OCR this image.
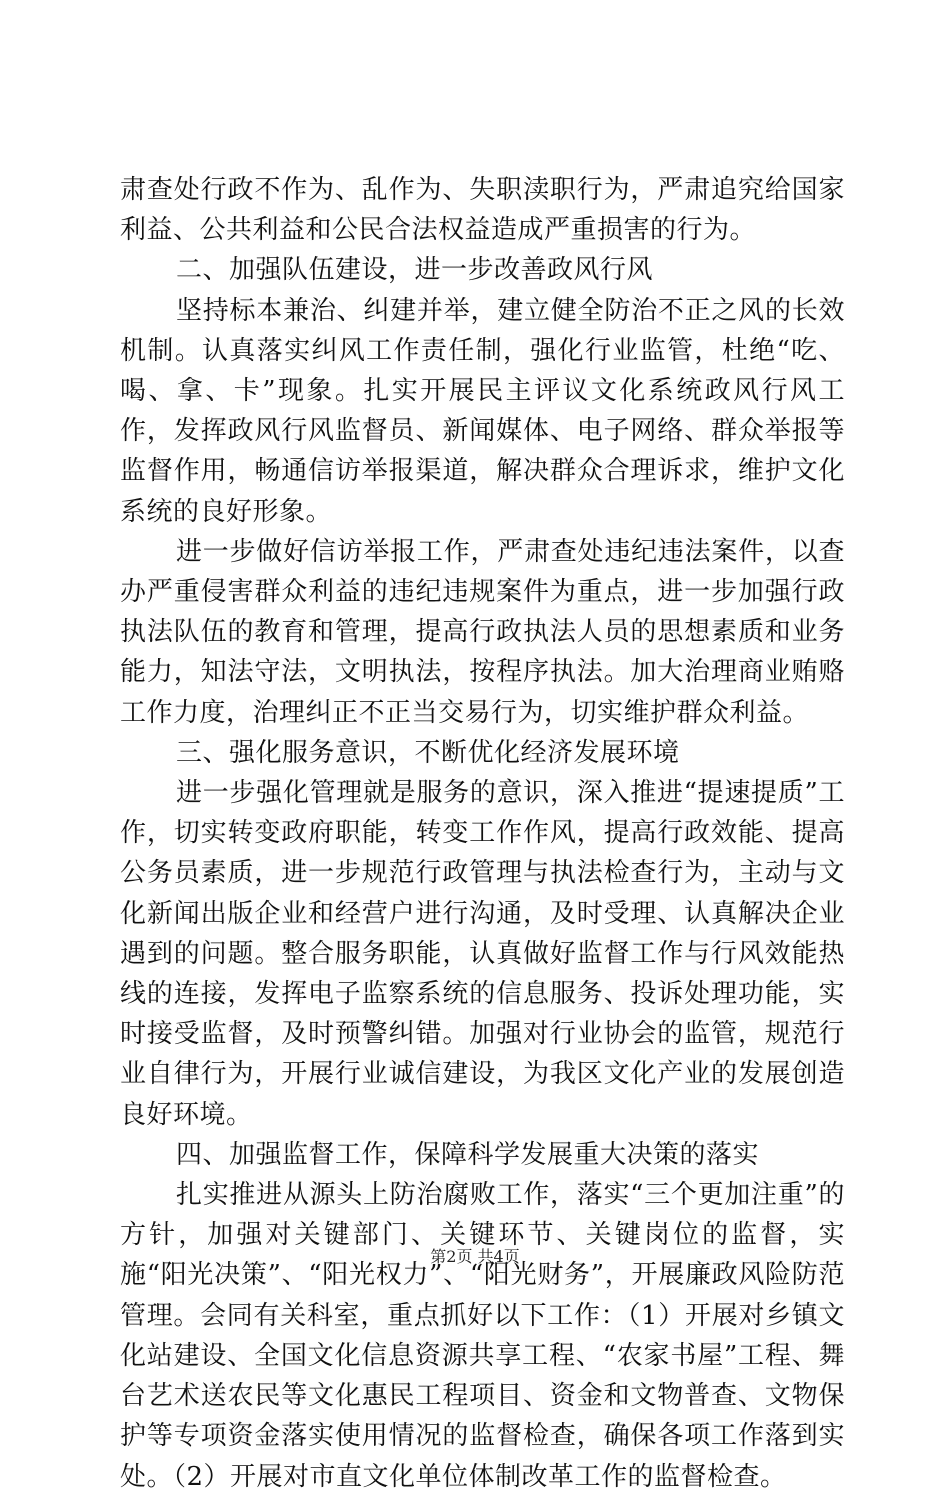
肃查处行政不作为、乱作为、失职渎职行为，严肃追究给国家利益、公共利益和公民合法权益造成严重损害的行为。

二、加强队伍建设，进一步改善政风行风

坚持标本兼治、纠建并举，建立健全防治不正之风的长效机制。认真落实纠风工作责任制，强化行业监管，杜绝“吃、喝、拿、卡”现象。扎实开展民主评议文化系统政风行风工作，发挥政风行风监督员、新闻媒体、电子网络、群众举报等监督作用，畅通信访举报渠道，解决群众合理诉求，维护文化系统的良好形象。

进一步做好信访举报工作，严肃查处违纪违法案件，以查办严重侵害群众利益的违纪违规案件为重点，进一步加强行政执法队伍的教育和管理，提高行政执法人员的思想素质和业务能力，知法守法，文明执法，按程序执法。加大治理商业贿赂工作力度，治理纠正不正当交易行为，切实维护群众利益。

三、强化服务意识，不断优化经济发展环境

进一步强化管理就是服务的意识，深入推进“提速提质”工作，切实转变政府职能，转变工作作风，提高行政效能、提高公务员素质，进一步规范行政管理与执法检查行为，主动与文化新闻出版企业和经营户进行沟通，及时受理、认真解决企业遇到的问题。整合服务职能，认真做好监督工作与行风效能热线的连接，发挥电子监察系统的信息服务、投诉处理功能，实时接受监督，及时预警纠错。加强对行业协会的监管，规范行业自律行为，开展行业诚信建设，为我区文化产业的发展创造良好环境。

四、加强监督工作，保障科学发展重大决策的落实

扎实推进从源头上防治腐败工作，落实“三个更加注重”的方针，加强对关键部门、关键环节、关键岗位的监督，实施“阳光决策”、“阳光权力”、“阳光财务”，开展廉政风险防范管理。会同有关科室，重点抓好以下工作：（1）开展对乡镇文化站建设、全国文化信息资源共享工程、“农家书屋”工程、舞台艺术送农民等文化惠民工程项目、资金和文物普查、文物保护等专项资金落实使用情况的监督检查，确保各项工作落到实处。（2）开展对市直文化单位体制改革工作的监督检查。

第2页 共4页
